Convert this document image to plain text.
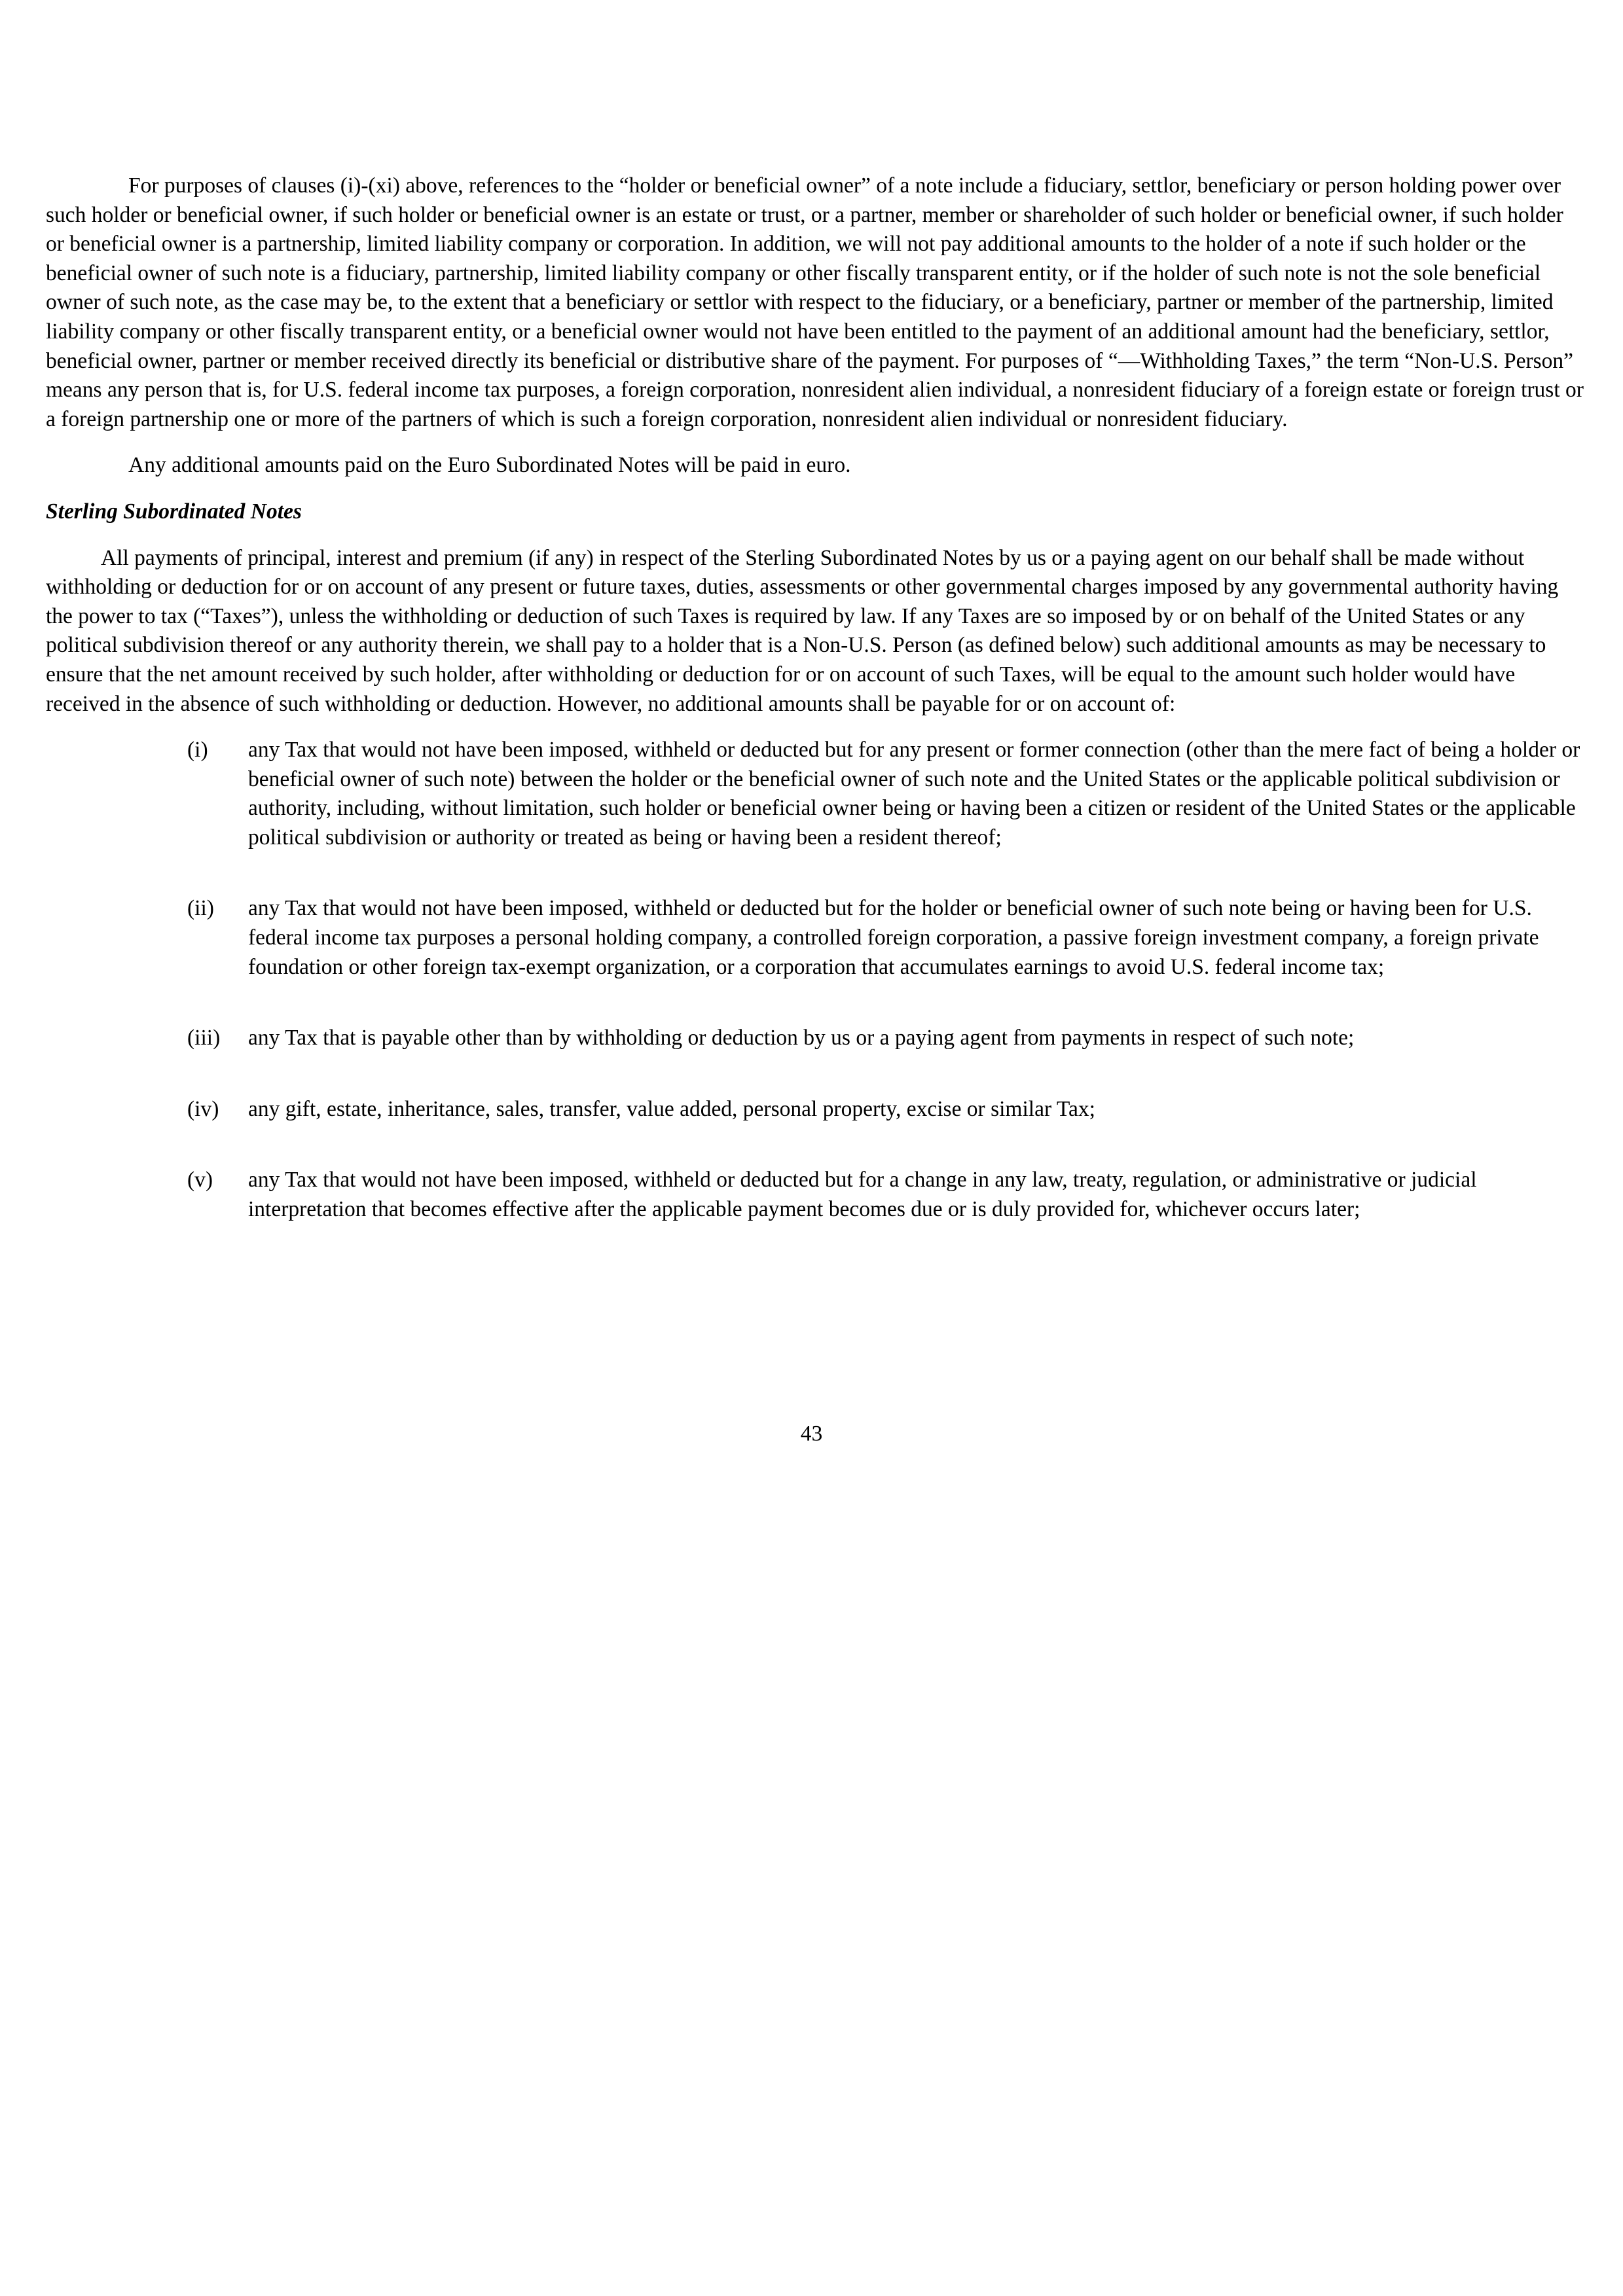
For purposes of clauses (i)-(xi) above, references to the “holder or beneficial owner” of a note include a fiduciary, settlor, beneficiary or person holding power over such holder or beneficial owner, if such holder or beneficial owner is an estate or trust, or a partner, member or shareholder of such holder or beneficial owner, if such holder or beneficial owner is a partnership, limited liability company or corporation. In addition, we will not pay additional amounts to the holder of a note if such holder or the beneficial owner of such note is a fiduciary, partnership, limited liability company or other fiscally transparent entity, or if the holder of such note is not the sole beneficial owner of such note, as the case may be, to the extent that a beneficiary or settlor with respect to the fiduciary, or a beneficiary, partner or member of the partnership, limited liability company or other fiscally transparent entity, or a beneficial owner would not have been entitled to the payment of an additional amount had the beneficiary, settlor, beneficial owner, partner or member received directly its beneficial or distributive share of the payment. For purposes of “—Withholding Taxes,” the term “Non-U.S. Person” means any person that is, for U.S. federal income tax purposes, a foreign corporation, nonresident alien individual, a nonresident fiduciary of a foreign estate or foreign trust or a foreign partnership one or more of the partners of which is such a foreign corporation, nonresident alien individual or nonresident fiduciary.

Any additional amounts paid on the Euro Subordinated Notes will be paid in euro.

Sterling Subordinated Notes

All payments of principal, interest and premium (if any) in respect of the Sterling Subordinated Notes by us or a paying agent on our behalf shall be made without withholding or deduction for or on account of any present or future taxes, duties, assessments or other governmental charges imposed by any governmental authority having the power to tax (“Taxes”), unless the withholding or deduction of such Taxes is required by law. If any Taxes are so imposed by or on behalf of the United States or any political subdivision thereof or any authority therein, we shall pay to a holder that is a Non-U.S. Person (as defined below) such additional amounts as may be necessary to ensure that the net amount received by such holder, after withholding or deduction for or on account of such Taxes, will be equal to the amount such holder would have received in the absence of such withholding or deduction. However, no additional amounts shall be payable for or on account of:

(i)	any Tax that would not have been imposed, withheld or deducted but for any present or former connection (other than the mere fact of being a holder or beneficial owner of such note) between the holder or the beneficial owner of such note and the United States or the applicable political subdivision or authority, including, without limitation, such holder or beneficial owner being or having been a citizen or resident of the United States or the applicable political subdivision or authority or treated as being or having been a resident thereof;
(ii)	any Tax that would not have been imposed, withheld or deducted but for the holder or beneficial owner of such note being or having been for U.S. federal income tax purposes a personal holding company, a controlled foreign corporation, a passive foreign investment company, a foreign private foundation or other foreign tax-exempt organization, or a corporation that accumulates earnings to avoid U.S. federal income tax;
(iii)	any Tax that is payable other than by withholding or deduction by us or a paying agent from payments in respect of such note;
(iv)	any gift, estate, inheritance, sales, transfer, value added, personal property, excise or similar Tax;
(v)	any Tax that would not have been imposed, withheld or deducted but for a change in any law, treaty, regulation, or administrative or judicial interpretation that becomes effective after the applicable payment becomes due or is duly provided for, whichever occurs later;
43
